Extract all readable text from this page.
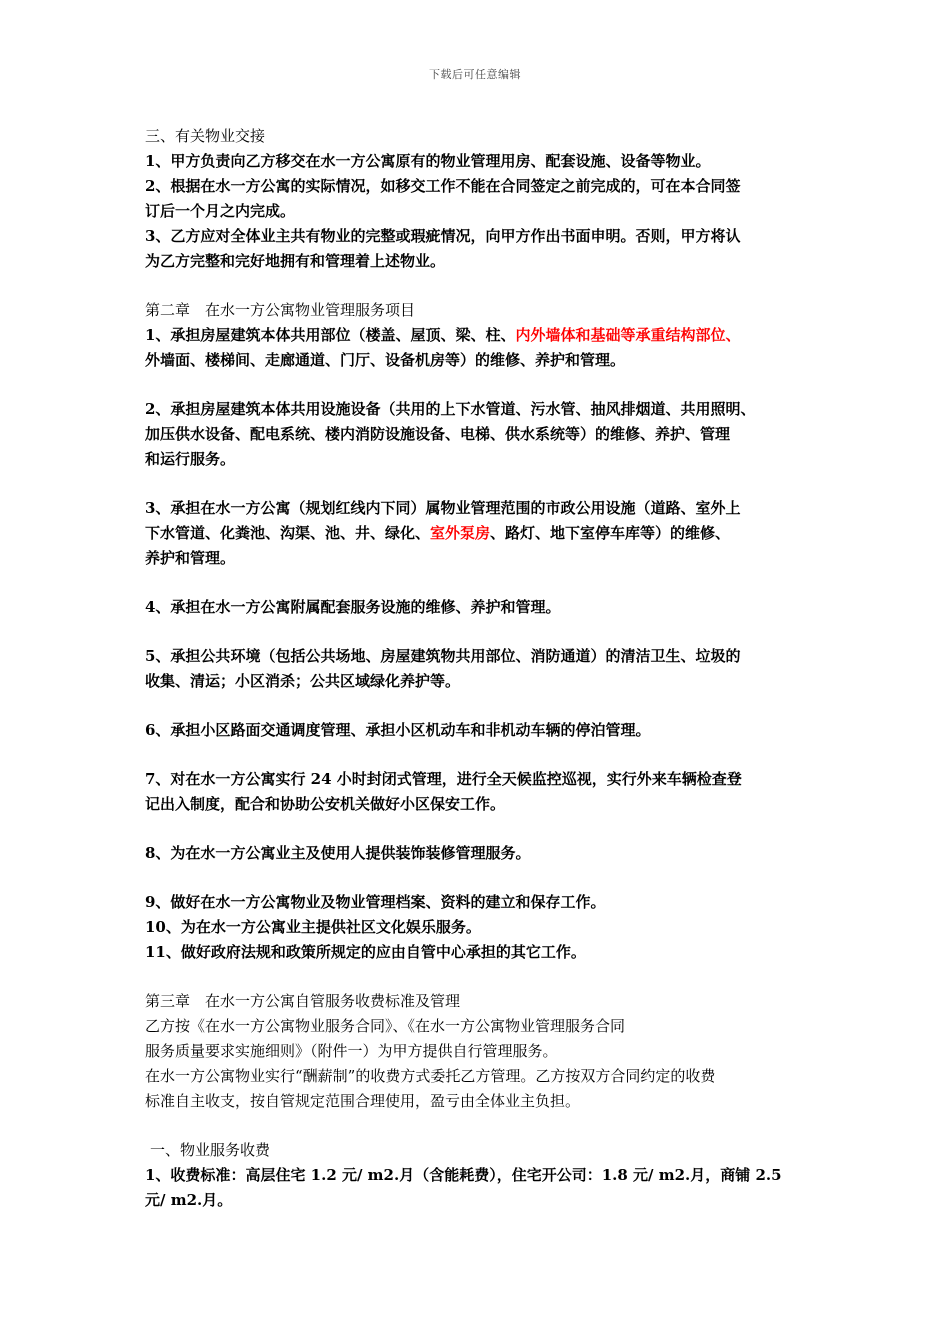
下载后可任意编辑

三、有关物业交接

1、甲方负责向乙方移交在水一方公寓原有的物业管理用房、配套设施、设备等物业。

2、根据在水一方公寓的实际情况，如移交工作不能在合同签定之前完成的，可在本合同签

订后一个月之内完成。

3、乙方应对全体业主共有物业的完整或瑕疵情况，向甲方作出书面申明。否则，甲方将认

为乙方完整和完好地拥有和管理着上述物业。

第二章　在水一方公寓物业管理服务项目

1、承担房屋建筑本体共用部位（楼盖、屋顶、梁、柱、内外墙体和基础等承重结构部位、

外墙面、楼梯间、走廊通道、门厅、设备机房等）的维修、养护和管理。

2、承担房屋建筑本体共用设施设备（共用的上下水管道、污水管、抽风排烟道、共用照明、

加压供水设备、配电系统、楼内消防设施设备、电梯、供水系统等）的维修、养护、管理

和运行服务。

3、承担在水一方公寓（规划红线内下同）属物业管理范围的市政公用设施（道路、室外上

下水管道、化粪池、沟渠、池、井、绿化、室外泵房、路灯、地下室停车库等）的维修、

养护和管理。

4、承担在水一方公寓附属配套服务设施的维修、养护和管理。

5、承担公共环境（包括公共场地、房屋建筑物共用部位、消防通道）的清洁卫生、垃圾的

收集、清运；小区消杀；公共区域绿化养护等。

6、承担小区路面交通调度管理、承担小区机动车和非机动车辆的停泊管理。

7、对在水一方公寓实行 24 小时封闭式管理，进行全天候监控巡视，实行外来车辆检查登

记出入制度，配合和协助公安机关做好小区保安工作。

8、为在水一方公寓业主及使用人提供装饰装修管理服务。

9、做好在水一方公寓物业及物业管理档案、资料的建立和保存工作。

10、为在水一方公寓业主提供社区文化娱乐服务。

11、做好政府法规和政策所规定的应由自管中心承担的其它工作。

第三章　在水一方公寓自管服务收费标准及管理

乙方按《在水一方公寓物业服务合同》、《在水一方公寓物业管理服务合同

服务质量要求实施细则》（附件一）为甲方提供自行管理服务。

在水一方公寓物业实行“酬薪制”的收费方式委托乙方管理。乙方按双方合同约定的收费

标准自主收支，按自管规定范围合理使用，盈亏由全体业主负担。

一、物业服务收费

1、收费标准：高层住宅 1.2 元/ m2.月（含能耗费），住宅开公司：1.8 元/ m2.月，商铺 2.5

元/ m2.月。
